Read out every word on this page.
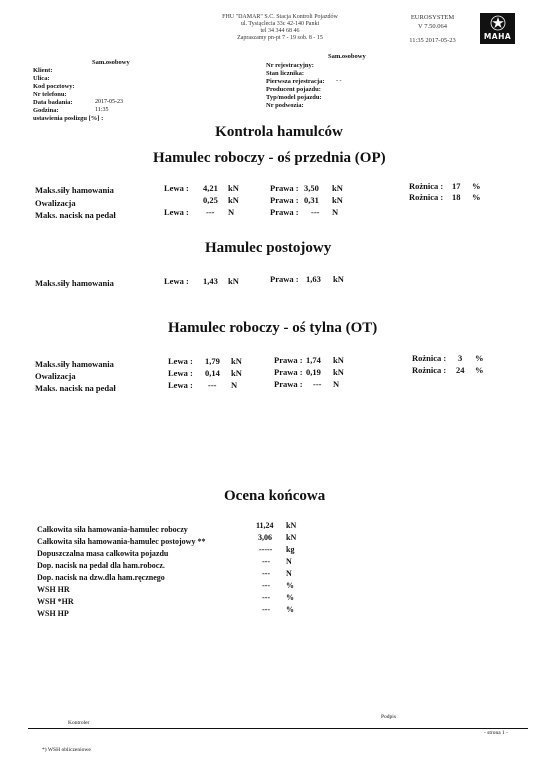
FHU "DAMAR" S.C. Stacja Kontroli Pojazdów
ul. Tysiąclecia 33c 42-140 Panki
tel 34 344 68 46
Zapraszamy pn-pt 7 - 19 sob. 8 - 15
EUROSYSTEM
V 7.50.064
11:35 2017-05-23	MAHA
Sam.osobowy
Sam.osobowy
Klient:
Ulica:
Kod pocztowy:
Nr telefonu:
Data badania:	2017-05-23
Godzina:	11:35
ustawienia poslizgu [%] :
Nr rejestracyjny:
Stan licznika:
Pierwsza rejestracja: - -
Producent pojazdu:
Typ/model pojazdu:
Nr podwozia:
Kontrola hamulców
Hamulec roboczy - oś przednia (OP)
Maks.siły hamowania	Lewa : 4,21 kN	Prawa : 3,50 kN	Rożnica : 17 %
Owalizacja	0,25 kN	Prawa : 0,31 kN	Rożnica : 18 %
Maks. nacisk na pedał	Lewa : --- N	Prawa : --- N
Hamulec postojowy
Maks.siły hamowania	Lewa : 1,43 kN	Prawa : 1,63 kN
Hamulec roboczy - oś tylna (OT)
Maks.siły hamowania	Lewa : 1,79 kN	Prawa : 1,74 kN	Rożnica : 3 %
Owalizacja	Lewa : 0,14 kN	Prawa : 0,19 kN	Rożnica : 24 %
Maks. nacisk na pedał	Lewa : --- N	Prawa : --- N
Ocena końcowa
Całkowita siła hamowania-hamulec roboczy	11,24 kN
Całkowita siła hamowania-hamulec postojowy **	3,06 kN
Dopuszczalna masa całkowita pojazdu	----- kg
Dop. nacisk na pedał dla ham.robocz.	--- N
Dop. nacisk na dzw.dla ham.ręcznego	--- N
WSH HR	--- %
WSH *HR	--- %
WSH HP	--- %
Kontroler
Podpis
- strona 1 -
*) WSH obliczeniowe
